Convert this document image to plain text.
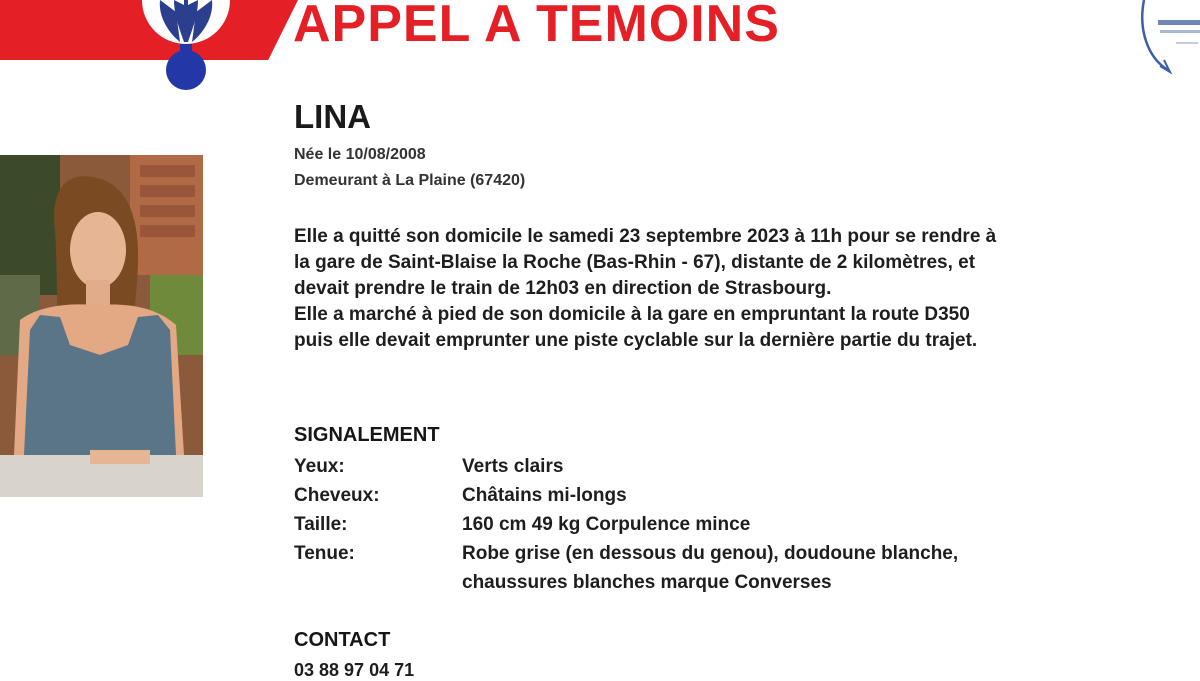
APPEL A TEMOINS
LINA
Née le 10/08/2008
Demeurant à La Plaine (67420)
Elle a quitté son domicile le samedi 23 septembre 2023 à 11h pour se rendre à
la gare de Saint-Blaise la Roche (Bas-Rhin - 67), distante de 2 kilomètres, et
devait prendre le train de 12h03 en direction de Strasbourg.
Elle a marché à pied de son domicile à la gare en empruntant la route D350
puis elle devait emprunter une piste cyclable sur la dernière partie du trajet.
SIGNALEMENT
Yeux:	Verts clairs
Cheveux:	Châtains mi-longs
Taille:	160 cm 49 kg Corpulence mince
Tenue:	Robe grise (en dessous du genou), doudoune blanche,
chaussures blanches marque Converses
CONTACT
03 88 97 04 71
